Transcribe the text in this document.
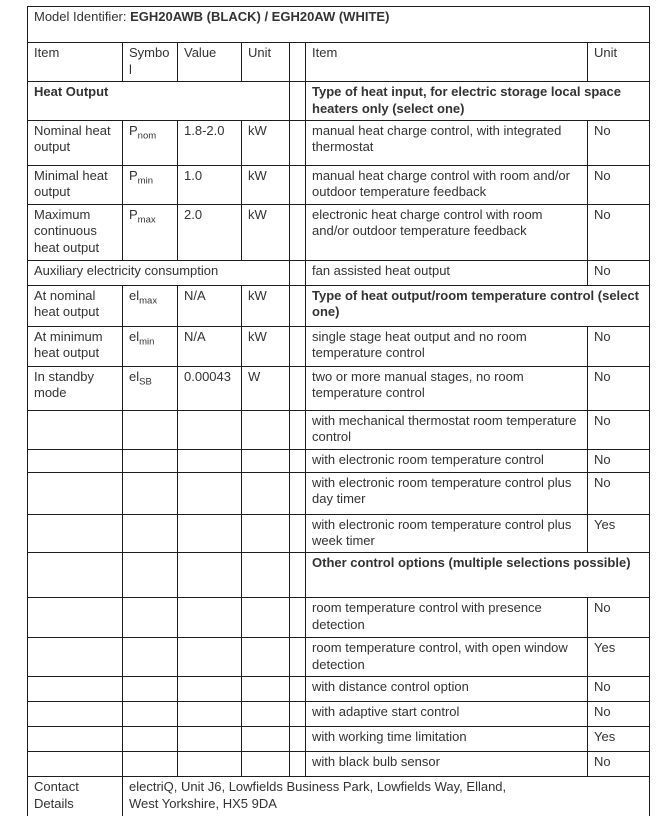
Model Identifier: EGH20AWB (BLACK) / EGH20AW (WHITE)						
Item	Symbol	Value	Unit		Item	Unit
Heat Output					Type of heat input, for electric storage local space heaters only (select one)	
Nominal heat output	$P_{nom}$	1.8-2.0	kW		manual heat charge control, with integrated thermostat	No
Minimal heat output	$P_{min}$	1.0	kW		manual heat charge control with room and/or outdoor temperature feedback	No
Maximum continuous heat output	$P_{max}$	2.0	kW		electronic heat charge control with room and/or outdoor temperature feedback	No
Auxiliary electricity consumption					fan assisted heat output	No
At nominal heat output	$el_{max}$	N/A	kW		Type of heat output/room temperature control (select one)	
At minimum heat output	$el_{min}$	N/A	kW		single stage heat output and no room temperature control	No
In standby mode	$el_{SB}$	0.00043	W		two or more manual stages, no room temperature control	No
					with mechanical thermostat room temperature control	No
					with electronic room temperature control	No
					with electronic room temperature control plus day timer	No
					with electronic room temperature control plus week timer	Yes
					Other control options (multiple selections possible)	
					room temperature control with presence detection	No
					room temperature control, with open window detection	Yes
					with distance control option	No
					with adaptive start control	No
					with working time limitation	Yes
					with black bulb sensor	No
Contact Details	electriQ, Unit J6, Lowfields Business Park, Lowfields Way, Elland,
West Yorkshire, HX5 9DA					
